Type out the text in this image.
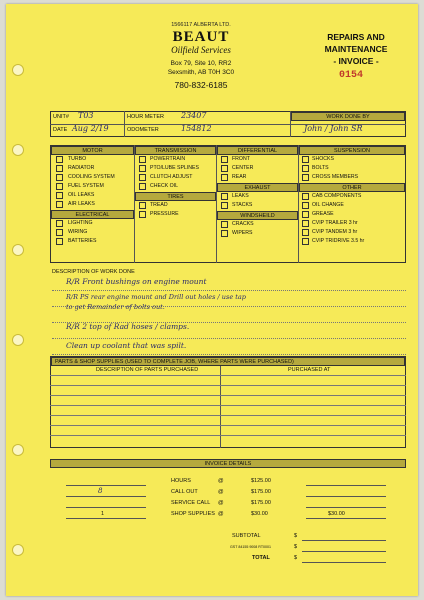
1566117 ALBERTA LTD.
BEAUT
Oilfield Services
Box 79, Site 10, RR2
Sexsmith, AB T0H 3C0
780-832-6185
REPAIRS AND
MAINTENANCE
- INVOICE -
0154
UNIT# T03
DATE Aug 2/19
HOUR METER 23407
ODOMETER	154812
WORK DONE BY
John / John SR
MOTOR
TURBO
RADIATOR
COOLING SYSTEM
FUEL SYSTEM
OIL LEAKS
AIR LEAKS
ELECTRICAL
LIGHTING
WIRING
BATTERIES
TRANSMISSION
POWERTRAIN
PTO/LUBE SPLINES
CLUTCH ADJUST
CHECK OIL
TIRES
TREAD
PRESSURE
DIFFERENTIAL
FRONT
CENTER
REAR
EXHAUST
LEAKS
STACKS
WINDSHEILD
CRACKS
WIPERS
SUSPENSION
SHOCKS
BOLTS
CROSS MEMBERS
OTHER
CAB COMPONENTS
OIL CHANGE
GREASE
CVIP TRAILER 3 hr
CVIP TANDEM 3 hr
CVIP TRIDRIVE 3.5 hr
DESCRIPTION OF WORK DONE
R/R Front bushings on engine mount
R/R PS rear engine mount and Drill out holes / use tap
to get Remainder of bolts out.
R/R 2 top of Rad hoses / clamps.
Clean up coolant that was spilt.
PARTS & SHOP SUPPLIES (USED TO COMPLETE JOB, WHERE PARTS WERE PURCHASED)
DESCRIPTION OF PARTS PURCHASED	PURCHASED AT
INVOICE DETAILS
HOURS	@	$125.00
8	CALL OUT	@	$175.00
SERVICE CALL @	$175.00
1	SHOP SUPPLIES @	$30.00	$30.00
SUBTOTAL	$
GST 84155 9008 RT0001	$
TOTAL	$
